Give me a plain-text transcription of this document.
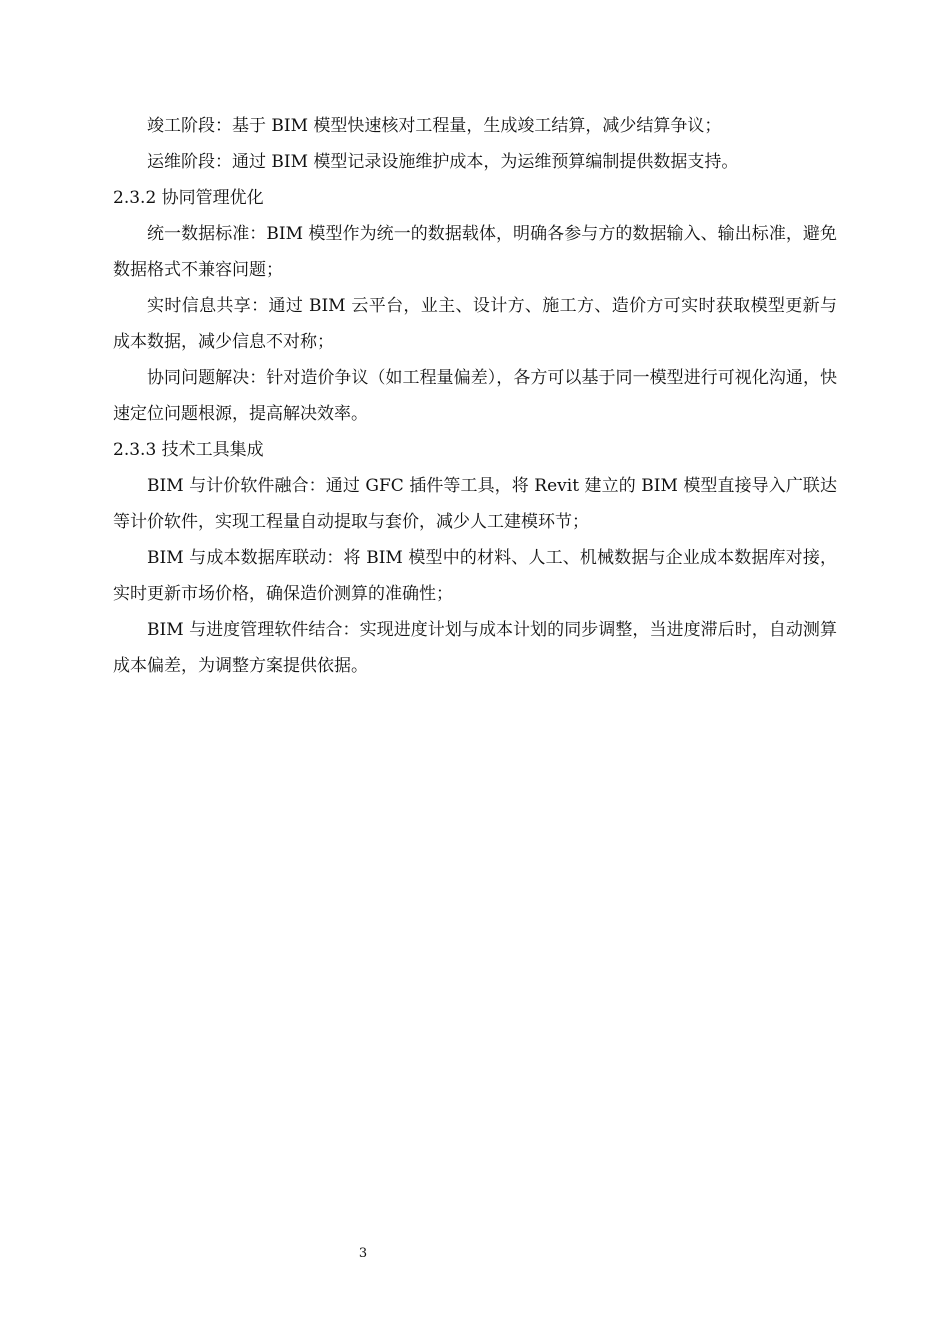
竣工阶段：基于 BIM 模型快速核对工程量，生成竣工结算，减少结算争议；

运维阶段：通过 BIM 模型记录设施维护成本，为运维预算编制提供数据支持。

2.3.2 协同管理优化

统一数据标准：BIM 模型作为统一的数据载体，明确各参与方的数据输入、输出标准，避免数据格式不兼容问题；

实时信息共享：通过 BIM 云平台，业主、设计方、施工方、造价方可实时获取模型更新与成本数据，减少信息不对称；

协同问题解决：针对造价争议（如工程量偏差），各方可以基于同一模型进行可视化沟通，快速定位问题根源，提高解决效率。

2.3.3 技术工具集成

BIM 与计价软件融合：通过 GFC 插件等工具，将 Revit 建立的 BIM 模型直接导入广联达等计价软件，实现工程量自动提取与套价，减少人工建模环节；

BIM 与成本数据库联动：将 BIM 模型中的材料、人工、机械数据与企业成本数据库对接，实时更新市场价格，确保造价测算的准确性；

BIM 与进度管理软件结合：实现进度计划与成本计划的同步调整，当进度滞后时，自动测算成本偏差，为调整方案提供依据。

3
